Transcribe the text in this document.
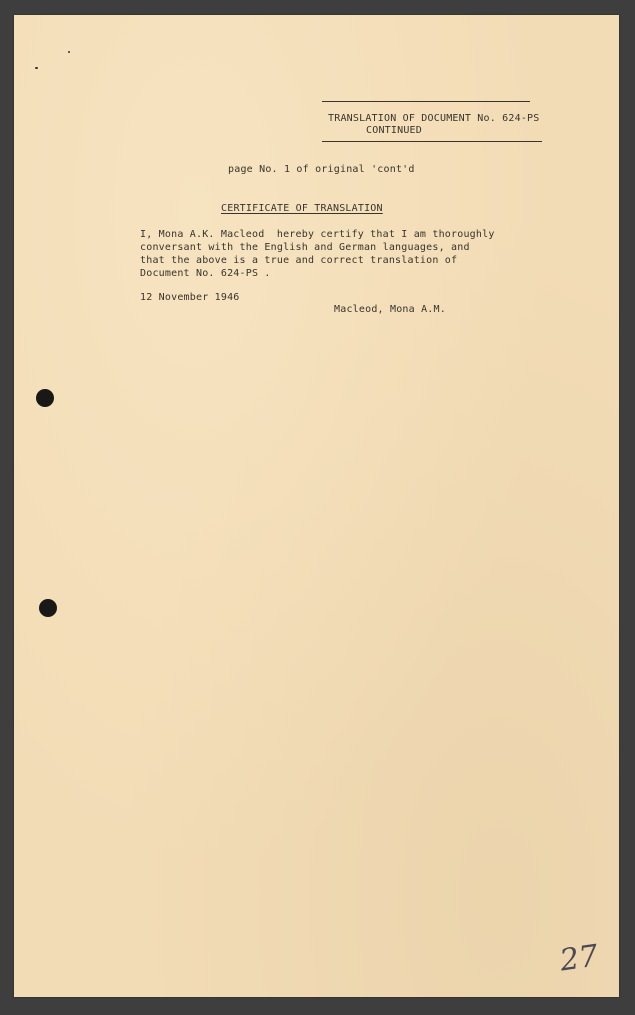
TRANSLATION OF DOCUMENT No. 624-PS
CONTINUED
page No. 1 of original 'cont'd
CERTIFICATE OF TRANSLATION
I, Mona A.K. Macleod  hereby certify that I am thoroughly
conversant with the English and German languages, and
that the above is a true and correct translation of
Document No. 624-PS .
12 November 1946
Macleod, Mona A.M.
27
